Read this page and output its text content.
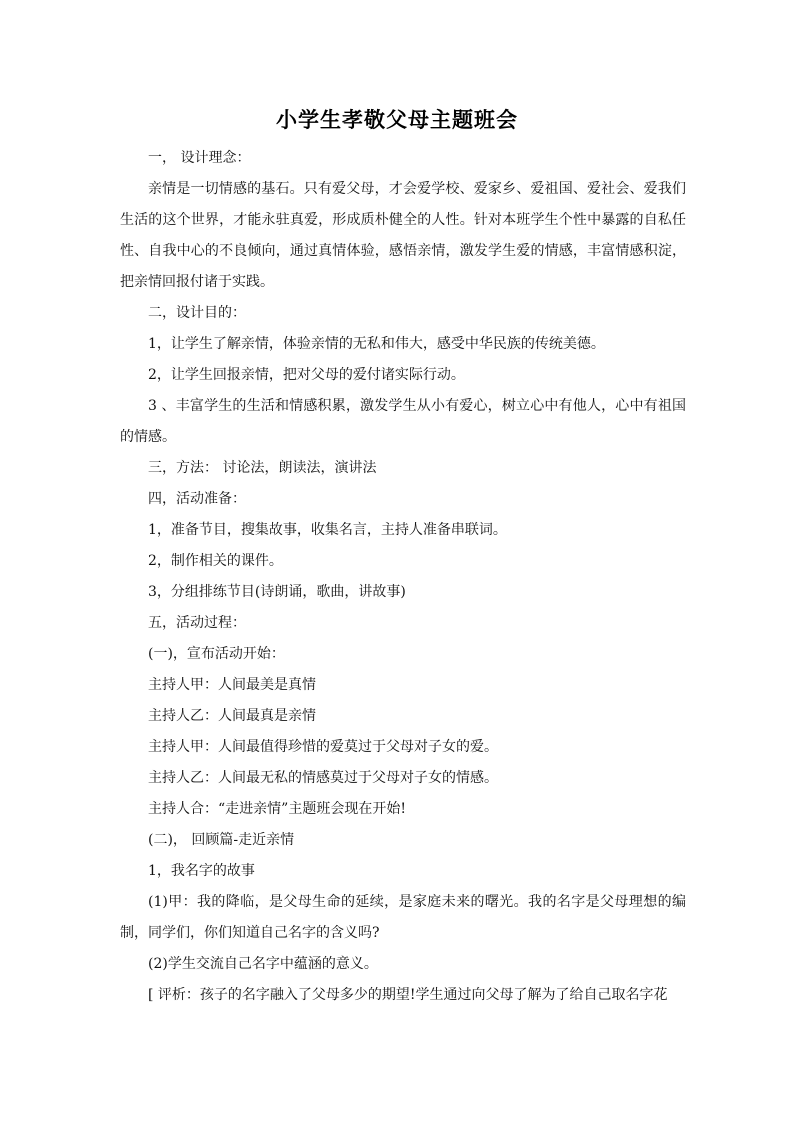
小学生孝敬父母主题班会

一， 设计理念：

亲情是一切情感的基石。只有爱父母，才会爱学校、爱家乡、爱祖国、爱社会、爱我们生活的这个世界，才能永驻真爱，形成质朴健全的人性。针对本班学生个性中暴露的自私任性、自我中心的不良倾向，通过真情体验，感悟亲情，激发学生爱的情感，丰富情感积淀，把亲情回报付诸于实践。

二，设计目的：

1，让学生了解亲情，体验亲情的无私和伟大，感受中华民族的传统美德。

2，让学生回报亲情，把对父母的爱付诸实际行动。

3 、丰富学生的生活和情感积累，激发学生从小有爱心，树立心中有他人，心中有祖国的情感。

三，方法： 讨论法，朗读法，演讲法

四，活动准备：

1，准备节目，搜集故事，收集名言，主持人准备串联词。

2，制作相关的课件。

3，分组排练节目(诗朗诵，歌曲，讲故事)

五，活动过程：

(一)，宣布活动开始：

主持人甲：人间最美是真情

主持人乙：人间最真是亲情

主持人甲：人间最值得珍惜的爱莫过于父母对子女的爱。

主持人乙：人间最无私的情感莫过于父母对子女的情感。

主持人合：“走进亲情”主题班会现在开始!

(二)， 回顾篇-走近亲情

1，我名字的故事

(1)甲：我的降临，是父母生命的延续，是家庭未来的曙光。我的名字是父母理想的编制，同学们，你们知道自己名字的含义吗?

(2)学生交流自己名字中蕴涵的意义。

[ 评析：孩子的名字融入了父母多少的期望!学生通过向父母了解为了给自己取名字花
